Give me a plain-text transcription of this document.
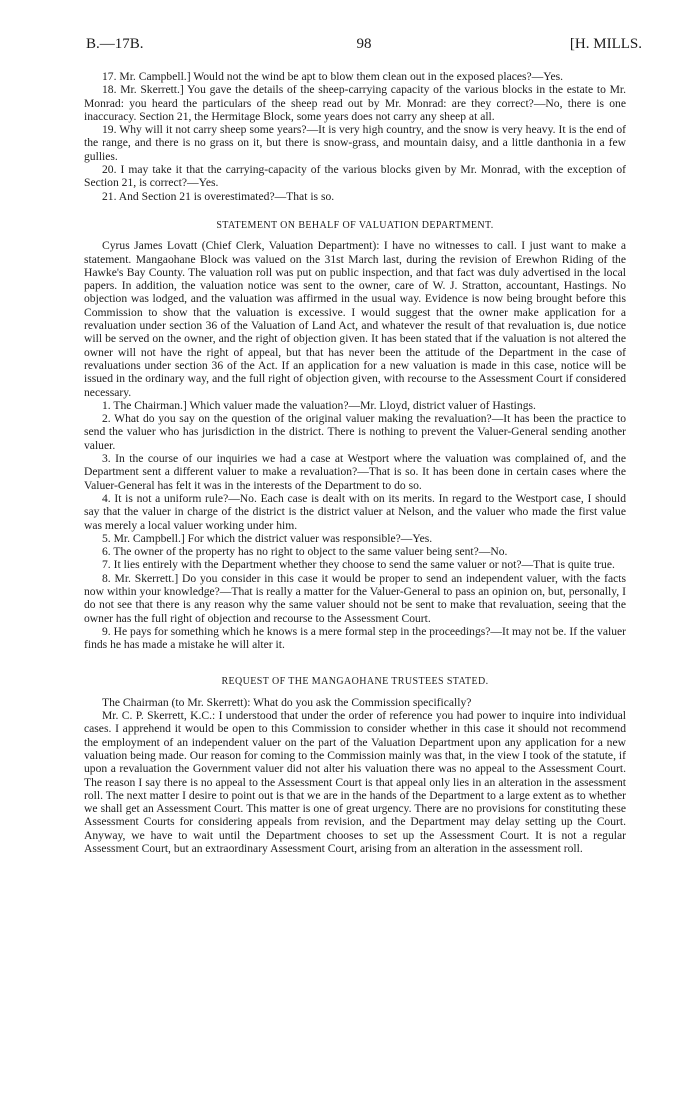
B.—17B.	98	[H. MILLS.

17. Mr. Campbell.] Would not the wind be apt to blow them clean out in the exposed places?—Yes.

18. Mr. Skerrett.] You gave the details of the sheep-carrying capacity of the various blocks in the estate to Mr. Monrad: you heard the particulars of the sheep read out by Mr. Monrad: are they correct?—No, there is one inaccuracy. Section 21, the Hermitage Block, some years does not carry any sheep at all.

19. Why will it not carry sheep some years?—It is very high country, and the snow is very heavy. It is the end of the range, and there is no grass on it, but there is snow-grass, and mountain daisy, and a little danthonia in a few gullies.

20. I may take it that the carrying-capacity of the various blocks given by Mr. Monrad, with the exception of Section 21, is correct?—Yes.

21. And Section 21 is overestimated?—That is so.

STATEMENT ON BEHALF OF VALUATION DEPARTMENT.

Cyrus James Lovatt (Chief Clerk, Valuation Department): I have no witnesses to call. I just want to make a statement. Mangaohane Block was valued on the 31st March last, during the revision of Erewhon Riding of the Hawke's Bay County. The valuation roll was put on public inspection, and that fact was duly advertised in the local papers. In addition, the valuation notice was sent to the owner, care of W. J. Stratton, accountant, Hastings. No objection was lodged, and the valuation was affirmed in the usual way. Evidence is now being brought before this Commission to show that the valuation is excessive. I would suggest that the owner make application for a revaluation under section 36 of the Valuation of Land Act, and whatever the result of that revaluation is, due notice will be served on the owner, and the right of objection given. It has been stated that if the valuation is not altered the owner will not have the right of appeal, but that has never been the attitude of the Department in the case of revaluations under section 36 of the Act. If an application for a new valuation is made in this case, notice will be issued in the ordinary way, and the full right of objection given, with recourse to the Assessment Court if considered necessary.

1. The Chairman.] Which valuer made the valuation?—Mr. Lloyd, district valuer of Hastings.

2. What do you say on the question of the original valuer making the revaluation?—It has been the practice to send the valuer who has jurisdiction in the district. There is nothing to prevent the Valuer-General sending another valuer.

3. In the course of our inquiries we had a case at Westport where the valuation was complained of, and the Department sent a different valuer to make a revaluation?—That is so. It has been done in certain cases where the Valuer-General has felt it was in the interests of the Department to do so.

4. It is not a uniform rule?—No. Each case is dealt with on its merits. In regard to the Westport case, I should say that the valuer in charge of the district is the district valuer at Nelson, and the valuer who made the first value was merely a local valuer working under him.

5. Mr. Campbell.] For which the district valuer was responsible?—Yes.

6. The owner of the property has no right to object to the same valuer being sent?—No.

7. It lies entirely with the Department whether they choose to send the same valuer or not?—That is quite true.

8. Mr. Skerrett.] Do you consider in this case it would be proper to send an independent valuer, with the facts now within your knowledge?—That is really a matter for the Valuer-General to pass an opinion on, but, personally, I do not see that there is any reason why the same valuer should not be sent to make that revaluation, seeing that the owner has the full right of objection and recourse to the Assessment Court.

9. He pays for something which he knows is a mere formal step in the proceedings?—It may not be. If the valuer finds he has made a mistake he will alter it.

REQUEST OF THE MANGAOHANE TRUSTEES STATED.

The Chairman (to Mr. Skerrett): What do you ask the Commission specifically?

Mr. C. P. Skerrett, K.C.: I understood that under the order of reference you had power to inquire into individual cases. I apprehend it would be open to this Commission to consider whether in this case it should not recommend the employment of an independent valuer on the part of the Valuation Department upon any application for a new valuation being made. Our reason for coming to the Commission mainly was that, in the view I took of the statute, if upon a revaluation the Government valuer did not alter his valuation there was no appeal to the Assessment Court. The reason I say there is no appeal to the Assessment Court is that appeal only lies in an alteration in the assessment roll. The next matter I desire to point out is that we are in the hands of the Department to a large extent as to whether we shall get an Assessment Court. This matter is one of great urgency. There are no provisions for constituting these Assessment Courts for considering appeals from revision, and the Department may delay setting up the Court. Anyway, we have to wait until the Department chooses to set up the Assessment Court. It is not a regular Assessment Court, but an extraordinary Assessment Court, arising from an alteration in the assessment roll.
